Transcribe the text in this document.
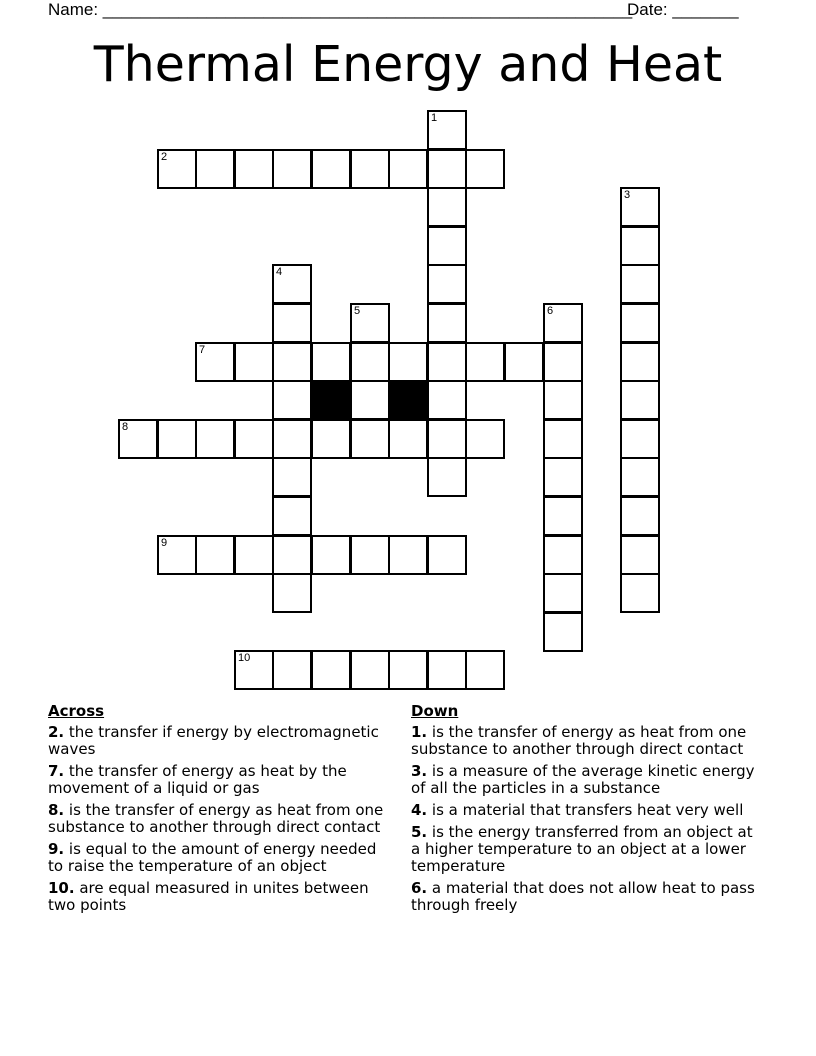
Name: ________________________________________________________
Date: _______
Thermal Energy and Heat
1
2
3
4
5	6
7
8
9
10
Across
2. the transfer if energy by electromagnetic waves
7. the transfer of energy as heat by the movement of a liquid or gas
8. is the transfer of energy as heat from one substance to another through direct contact
9. is equal to the amount of energy needed to raise the temperature of an object
10. are equal measured in unites between two points
Down
1. is the transfer of energy as heat from one substance to another through direct contact
3. is a measure of the average kinetic energy of all the particles in a substance
4. is a material that transfers heat very well
5. is the energy transferred from an object at a higher temperature to an object at a lower temperature
6. a material that does not allow heat to pass through freely
